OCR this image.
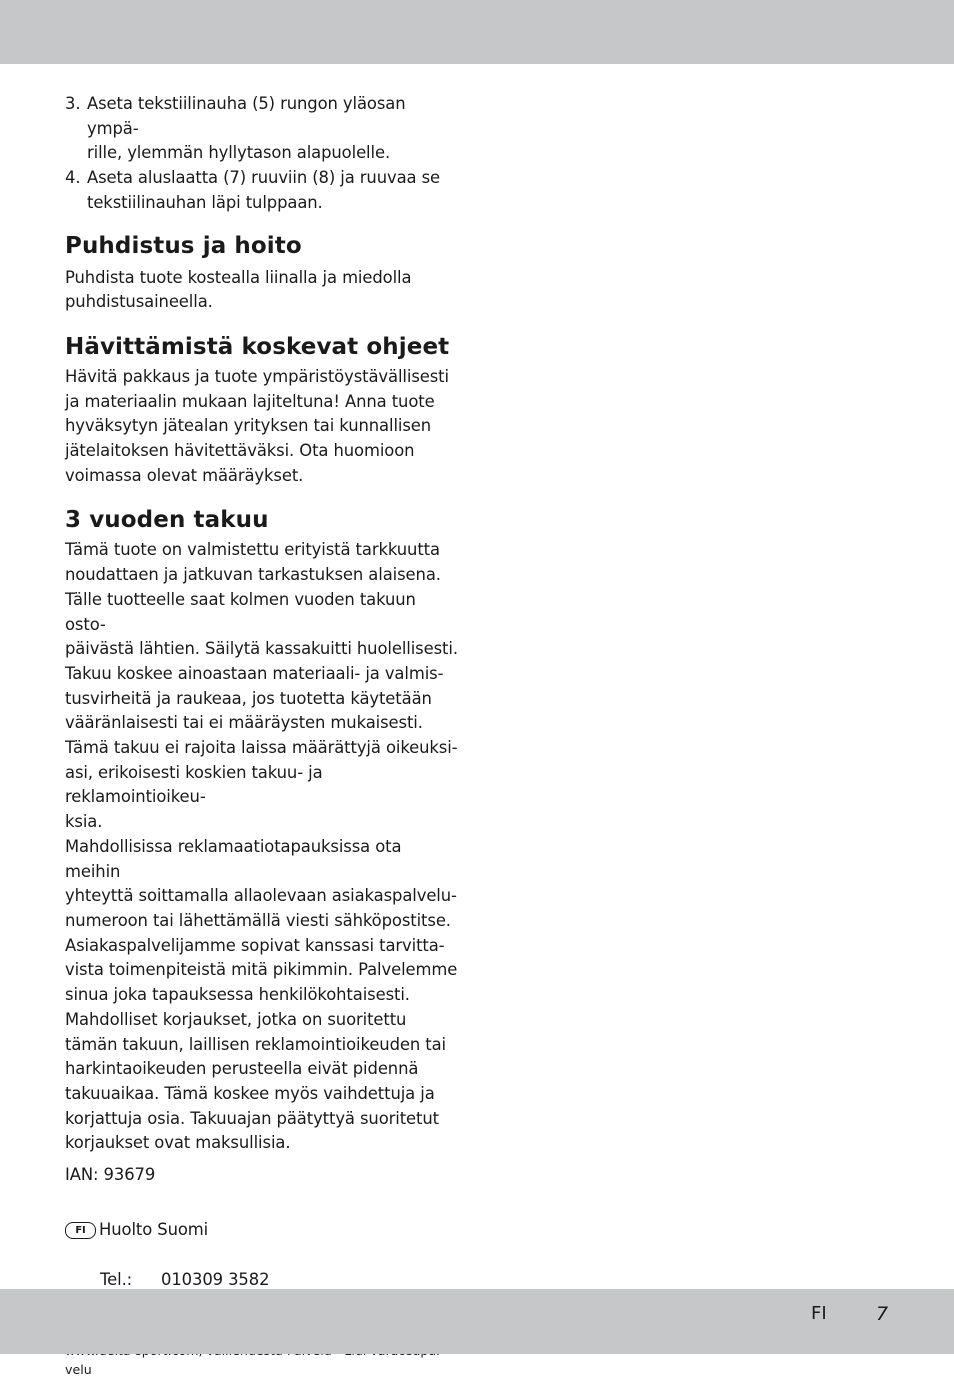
3. Aseta tekstiilinauha (5) rungon yläosan ympä-
rille, ylemmän hyllytason alapuolelle.

4. Aseta aluslaatta (7) ruuviin (8) ja ruuvaa se
tekstiilinauhan läpi tulppaan.

Puhdistus ja hoito

Puhdista tuote kostealla liinalla ja miedolla
puhdistusaineella.

Hävittämistä koskevat ohjeet

Hävitä pakkaus ja tuote ympäristöystävällisesti
ja materiaalin mukaan lajiteltuna! Anna tuote
hyväksytyn jätealan yrityksen tai kunnallisen
jätelaitoksen hävitettäväksi. Ota huomioon
voimassa olevat määräykset.

3 vuoden takuu

Tämä tuote on valmistettu erityistä tarkkuutta
noudattaen ja jatkuvan tarkastuksen alaisena.
Tälle tuotteelle saat kolmen vuoden takuun osto-
päivästä lähtien. Säilytä kassakuitti huolellisesti.
Takuu koskee ainoastaan materiaali- ja valmis-
tusvirheitä ja raukeaa, jos tuotetta käytetään
vääränlaisesti tai ei määräysten mukaisesti.
Tämä takuu ei rajoita laissa määrättyjä oikeuksi-
asi, erikoisesti koskien takuu- ja reklamointioikeu-
ksia.
Mahdollisissa reklamaatiotapauksissa ota meihin
yhteyttä soittamalla allaolevaan asiakaspalvelu-
numeroon tai lähettämällä viesti sähköpostitse.
Asiakaspalvelijamme sopivat kanssasi tarvitta-
vista toimenpiteistä mitä pikimmin. Palvelemme
sinua joka tapauksessa henkilökohtaisesti.
Mahdolliset korjaukset, jotka on suoritettu
tämän takuun, laillisen reklamointioikeuden tai
harkintaoikeuden perusteella eivät pidennä
takuuaikaa. Tämä koskee myös vaihdettuja ja
korjattuja osia. Takuuajan päätyttyä suoritetut
korjaukset ovat maksullisia.

IAN: 93679

FI Huolto Suomi

Tel.: 010309 3582

velu

FI	7
